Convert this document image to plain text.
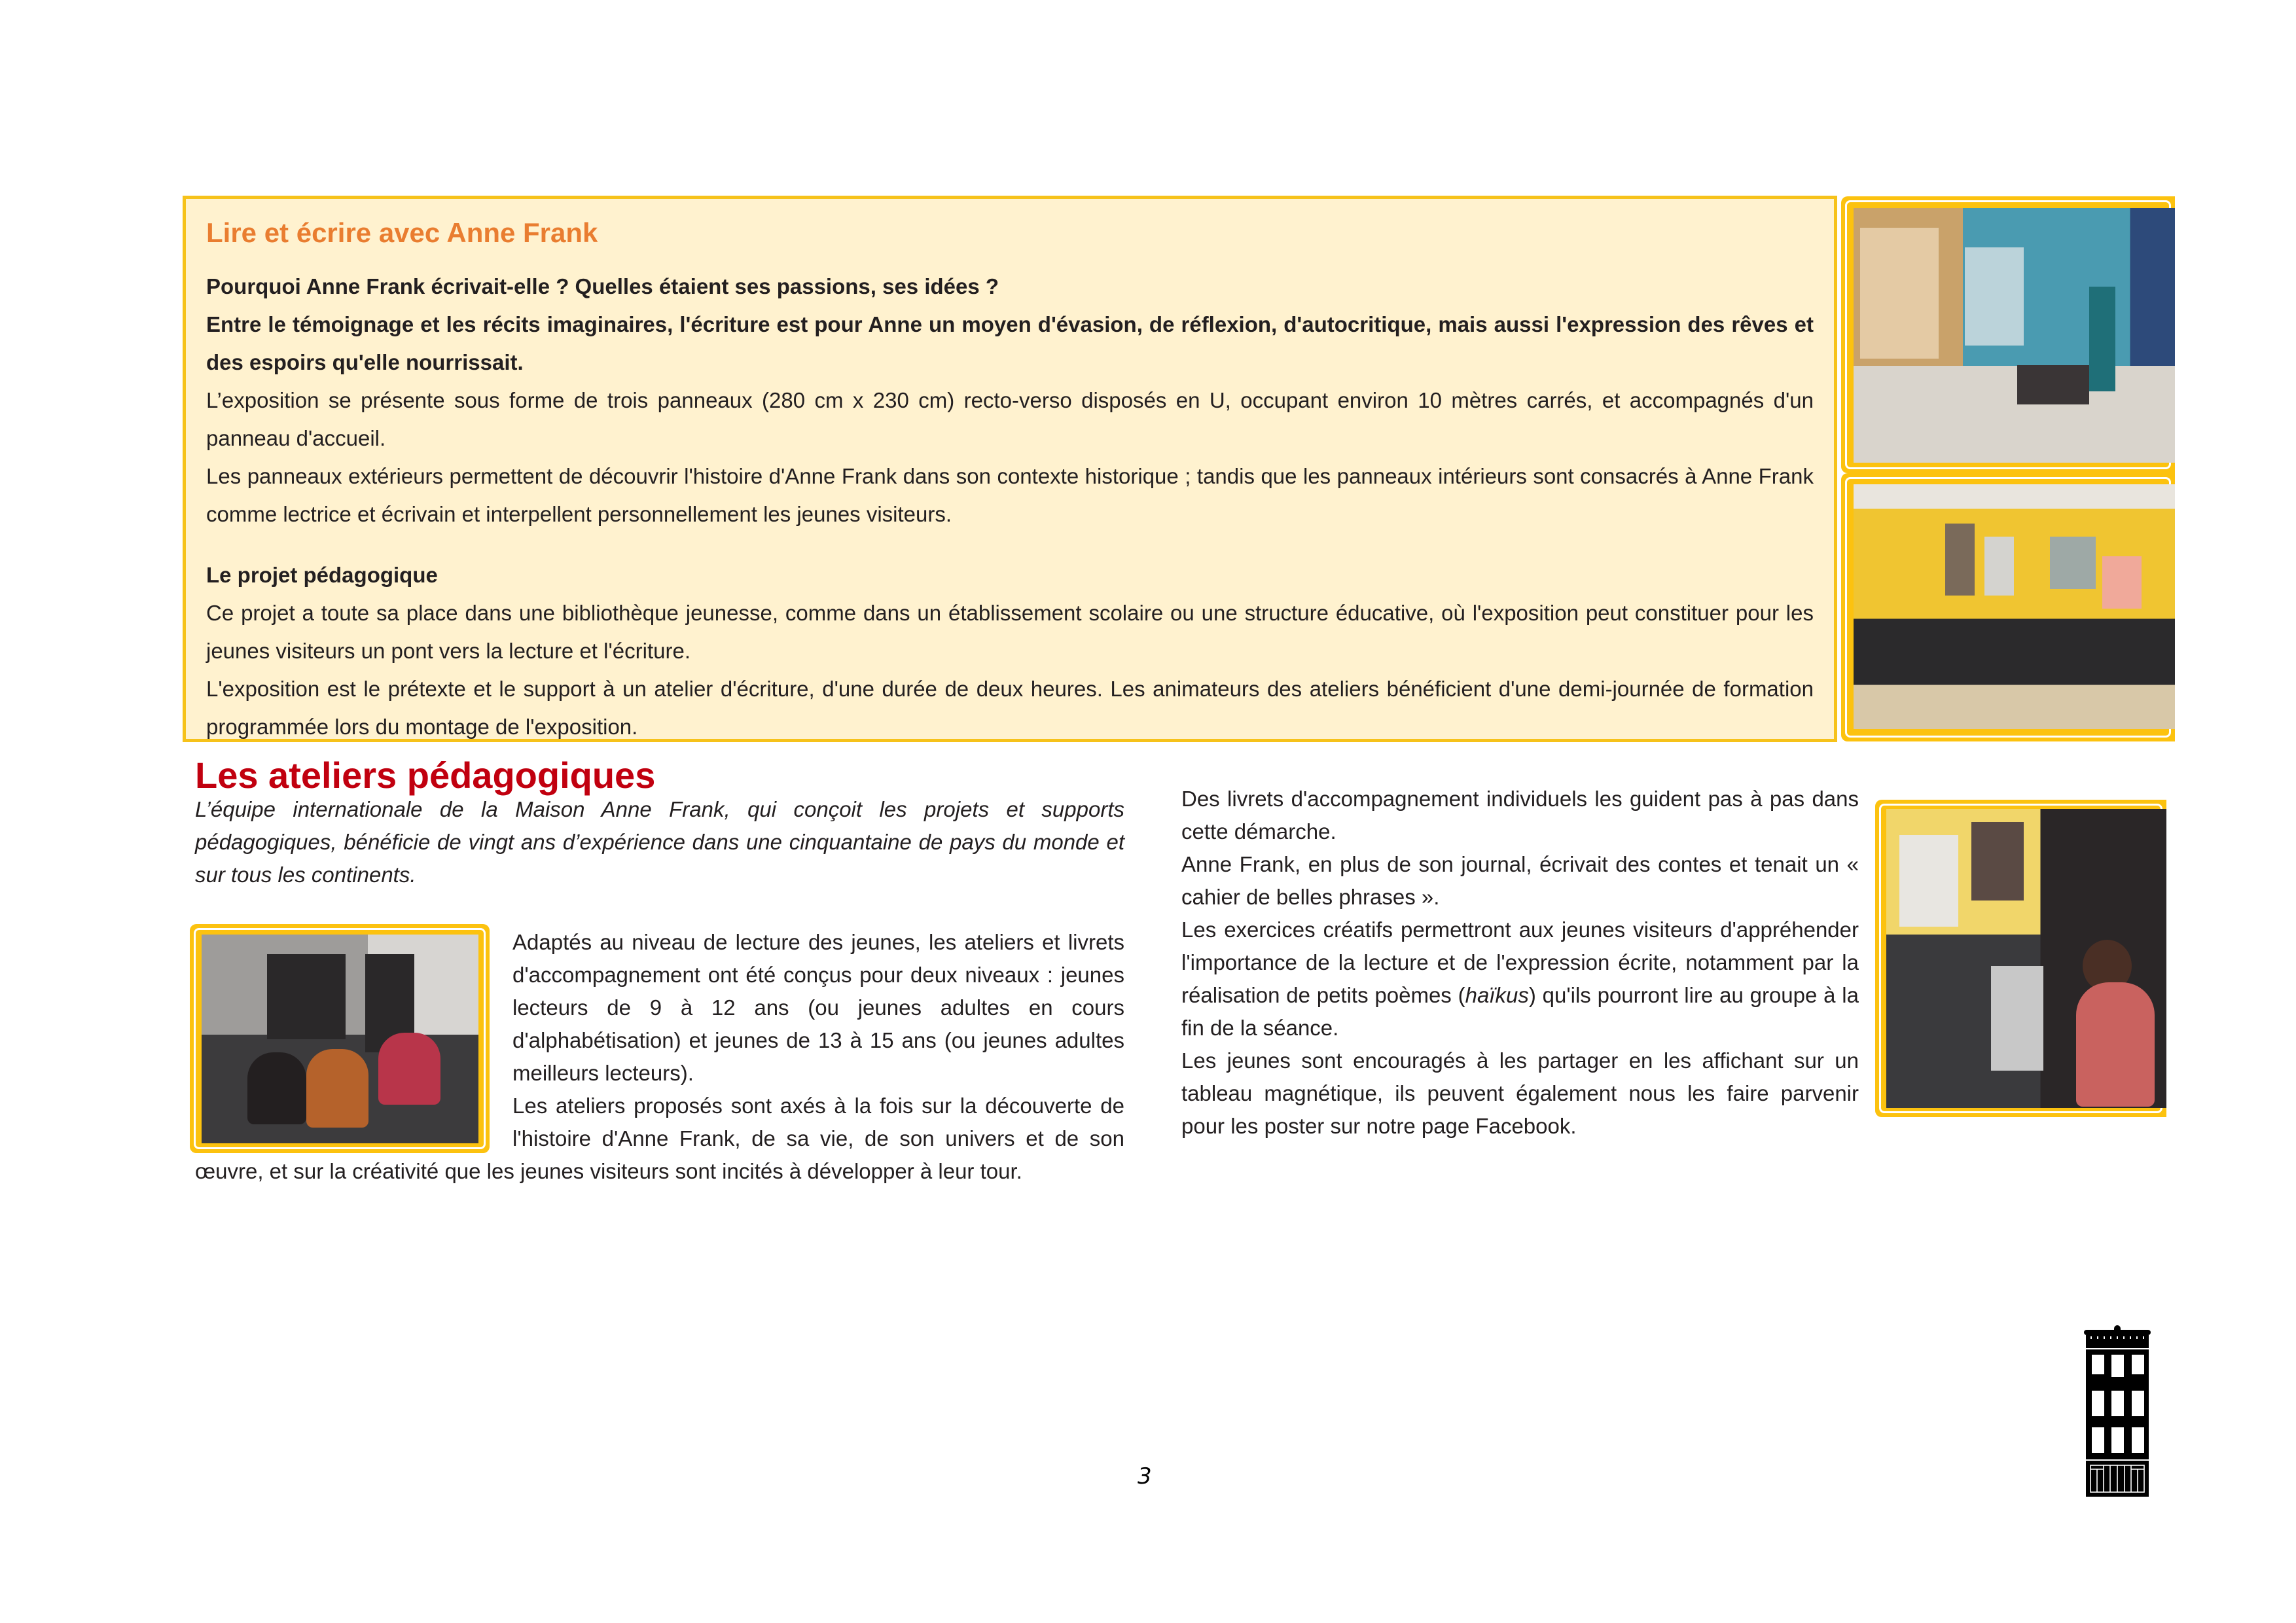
Lire et écrire avec Anne Frank

Pourquoi Anne Frank écrivait-elle ? Quelles étaient ses passions, ses idées ?

Entre le témoignage et les récits imaginaires, l'écriture est pour Anne un moyen d'évasion, de réflexion, d'autocritique, mais aussi l'expression des rêves et des espoirs qu'elle nourrissait.

L’exposition se présente sous forme de trois panneaux (280 cm x 230 cm) recto-verso disposés en U, occupant environ 10 mètres carrés, et accompagnés d'un panneau d'accueil.

Les panneaux extérieurs permettent de découvrir l'histoire d'Anne Frank dans son contexte historique ; tandis que les panneaux intérieurs sont consacrés à Anne Frank comme lectrice et écrivain et interpellent personnellement les jeunes visiteurs.

Le projet pédagogique

Ce projet a toute sa place dans une bibliothèque jeunesse, comme dans un établissement scolaire ou une structure éducative, où l'exposition peut constituer pour les jeunes visiteurs un pont vers la lecture et l'écriture.

L'exposition est le prétexte et le support à un atelier d'écriture, d'une durée de deux heures. Les animateurs des ateliers bénéficient d'une demi-journée de formation programmée lors du montage de l'exposition.

Les ateliers pédagogiques

L’équipe internationale de la Maison Anne Frank, qui conçoit les projets et supports pédagogiques, bénéficie de vingt ans d’expérience dans une cinquantaine de pays du monde et sur tous les continents.

Adaptés au niveau de lecture des jeunes, les ateliers et livrets d'accompagnement ont été conçus pour deux niveaux : jeunes lecteurs de 9 à 12 ans (ou jeunes adultes en cours d'alphabétisation) et jeunes de 13 à 15 ans (ou jeunes adultes meilleurs lecteurs).

Les ateliers proposés sont axés à la fois sur la découverte de l'histoire d'Anne Frank, de sa vie, de son univers et de son œuvre, et sur la créativité que les jeunes visiteurs sont incités à développer à leur tour.

Des livrets d'accompagnement individuels les guident pas à pas dans cette démarche.

Anne Frank, en plus de son journal, écrivait des contes et tenait un « cahier de belles phrases ».

Les exercices créatifs permettront aux jeunes visiteurs d'appréhender l'importance de la lecture et de l'expression écrite, notamment par la réalisation de petits poèmes (haïkus) qu'ils pourront lire au groupe à la fin de la séance.

Les jeunes sont encouragés à les partager en les affichant sur un tableau magnétique, ils peuvent également nous les faire parvenir pour les poster sur notre page Facebook.

3
